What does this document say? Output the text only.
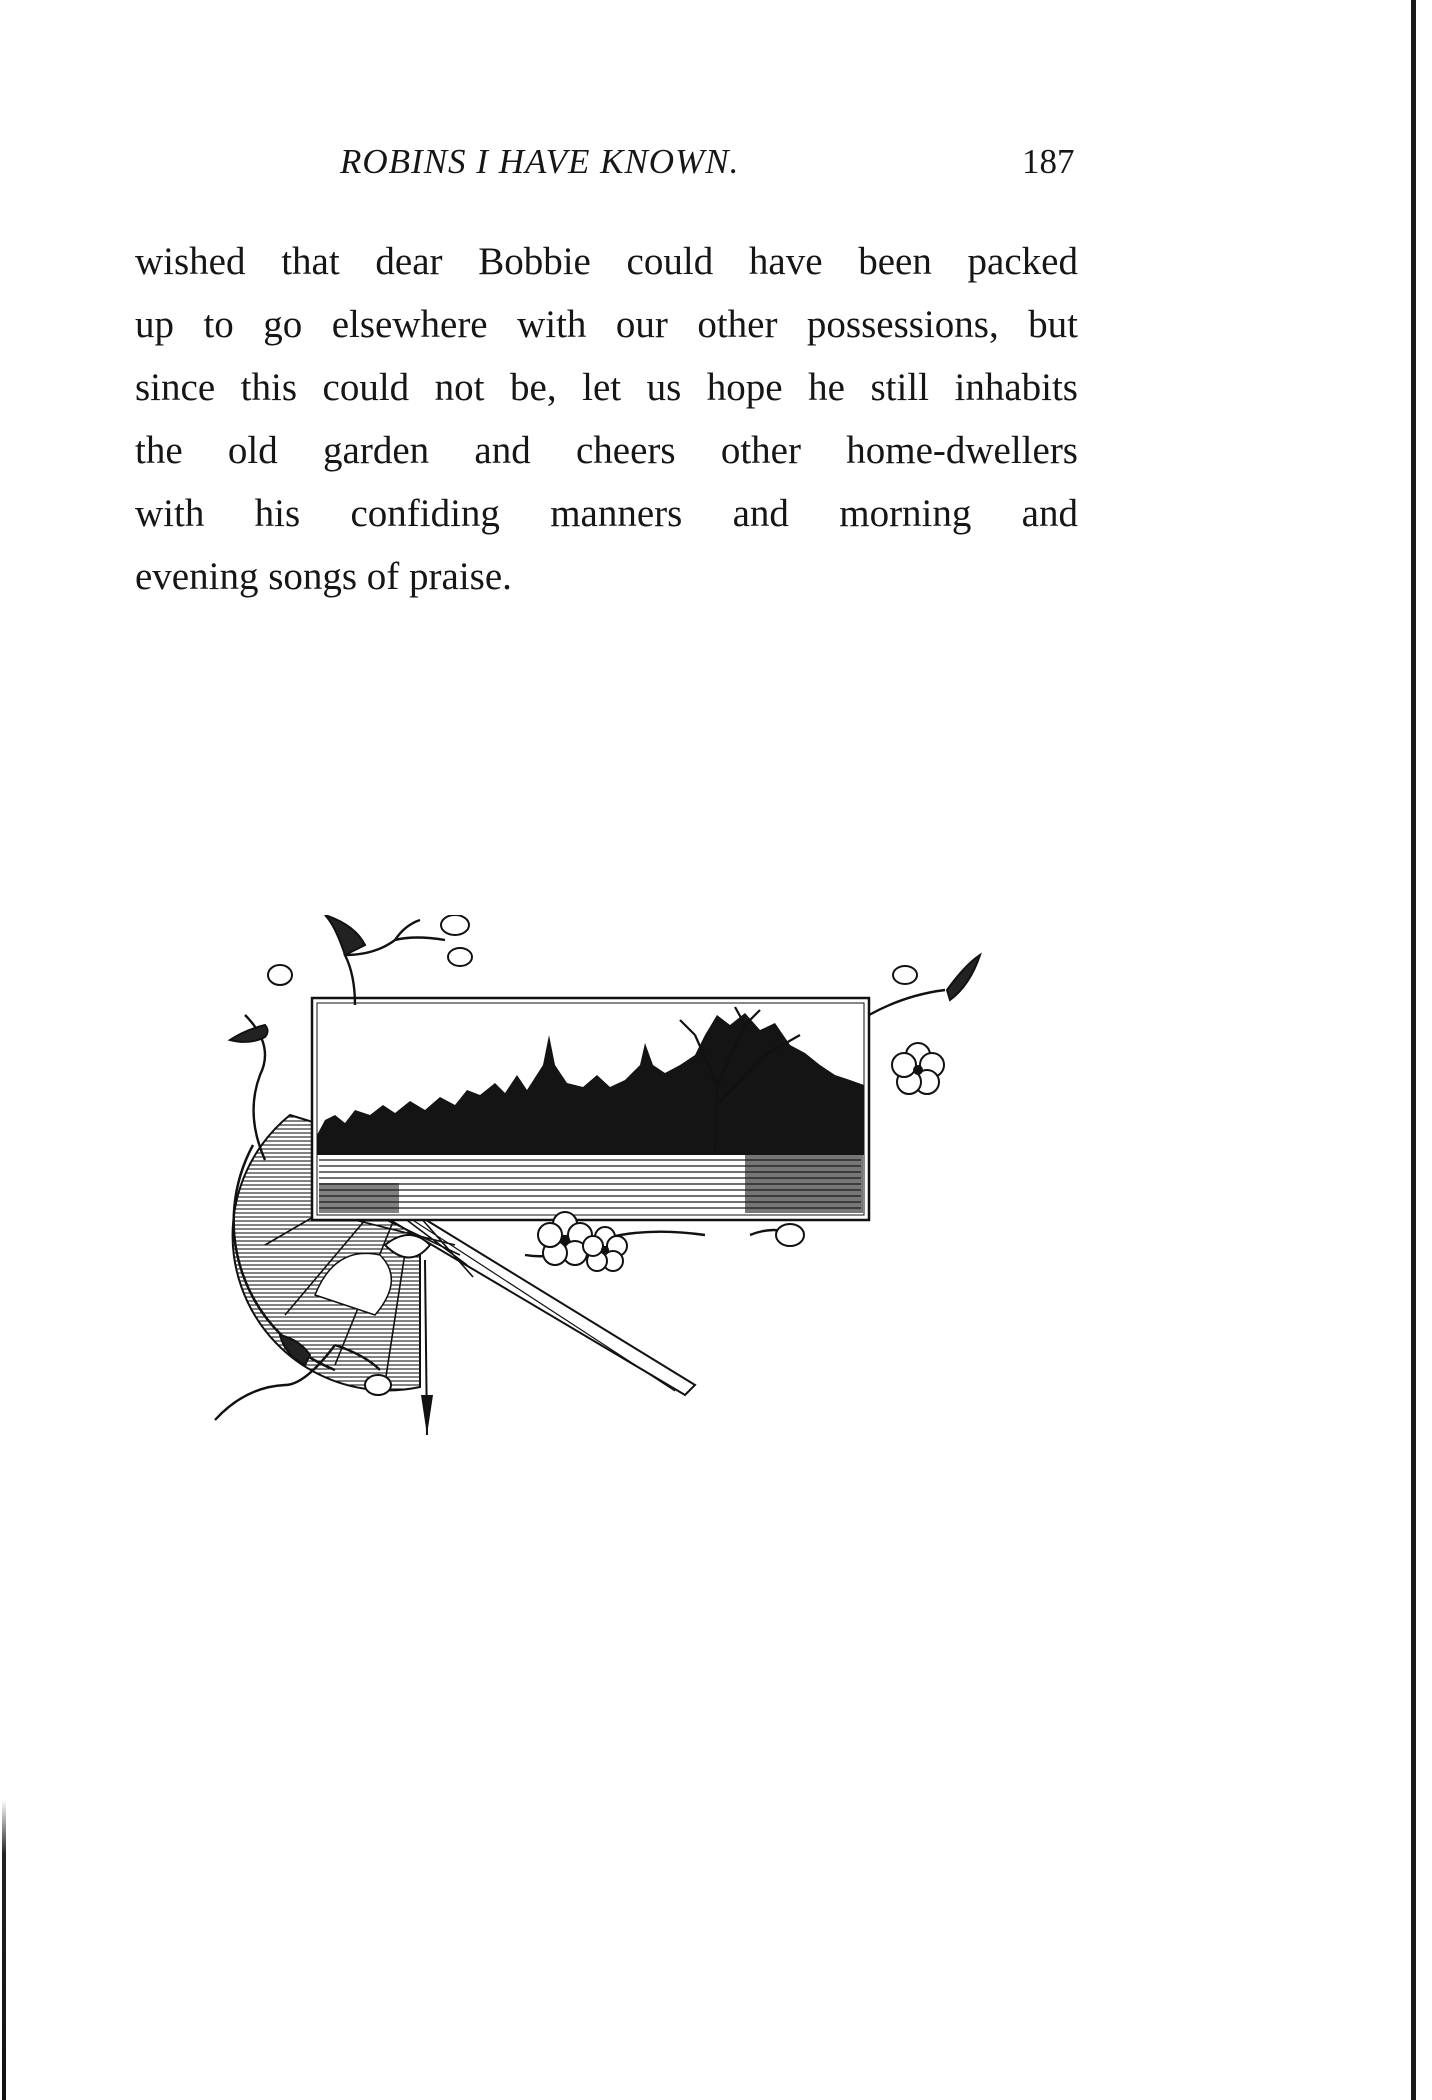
ROBINS I HAVE KNOWN.	187

wished that dear Bobbie could have been packed
up to go elsewhere with our other possessions, but
since this could not be, let us hope he still inhabits
the old garden and cheers other home-dwellers
with his confiding manners and morning and
evening songs of praise.
